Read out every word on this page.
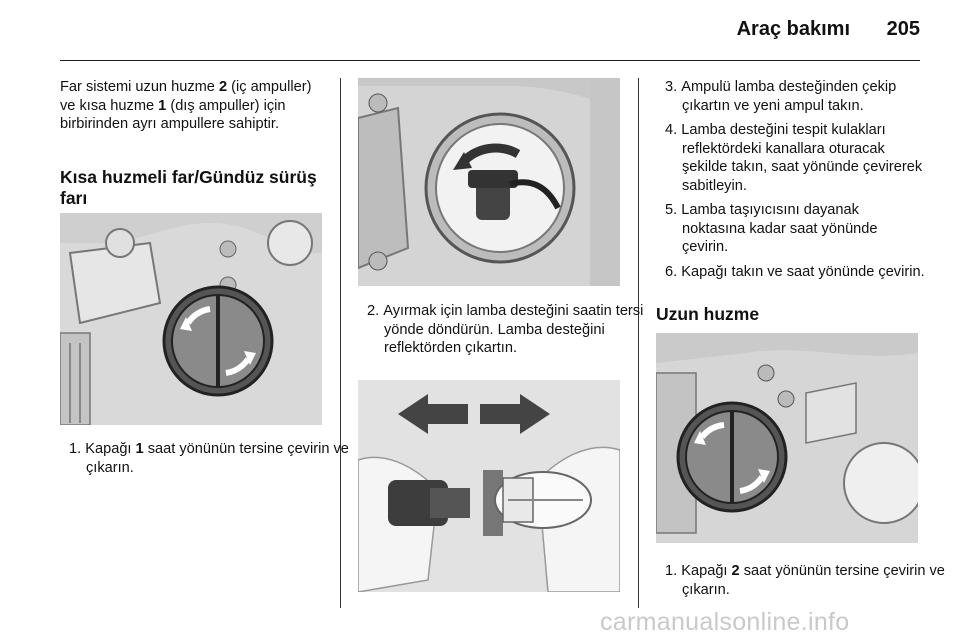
Araç bakımı 205
Far sistemi uzun huzme 2 (iç ampuller) ve kısa huzme 1 (dış ampuller) için birbirinden ayrı ampullere sahiptir.
Kısa huzmeli far/Gündüz sürüş farı

1. Kapağı 1 saat yönünün tersine çevirin ve çıkarın.

2. Ayırmak için lamba desteğini saatin tersi yönde döndürün. Lamba desteğini reflektörden çıkartın.

3. Ampulü lamba desteğinden çekip çıkartın ve yeni ampul takın.

4. Lamba desteğini tespit kulakları reflektördeki kanallara oturacak şekilde takın, saat yönünde çevirerek sabitleyin.

5. Lamba taşıyıcısını dayanak noktasına kadar saat yönünde çevirin.

6. Kapağı takın ve saat yönünde çevirin.

Uzun huzme

1. Kapağı 2 saat yönünün tersine çevirin ve çıkarın.

carmanualsonline.info
